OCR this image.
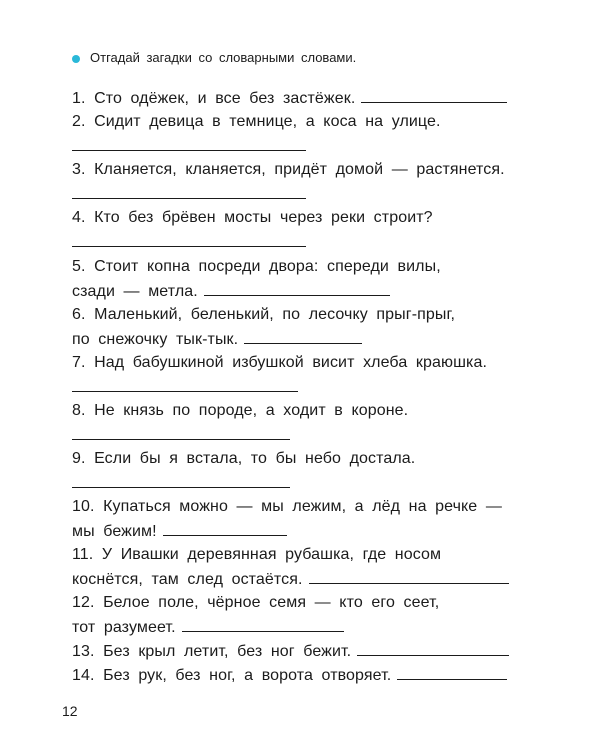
Отгадай загадки со словарными словами.
1. Сто одёжек, и все без застёжек.
2. Сидит девица в темнице, а коса на улице.
3. Кланяется, кланяется, придёт домой — растянется.
4. Кто без брёвен мосты через реки строит?
5. Стоит копна посреди двора: спереди вилы,
сзади — метла.
6. Маленький, беленький, по лесочку прыг-прыг,
по снежочку тык-тык.
7. Над бабушкиной избушкой висит хлеба краюшка.
8. Не князь по породе, а ходит в короне.
9. Если бы я встала, то бы небо достала.
10. Купаться можно — мы лежим, а лёд на речке —
мы бежим!
11. У Ивашки деревянная рубашка, где носом
коснётся, там след остаётся.
12. Белое поле, чёрное семя — кто его сеет,
тот разумеет.
13. Без крыл летит, без ног бежит.
14. Без рук, без ног, а ворота отворяет.
12
